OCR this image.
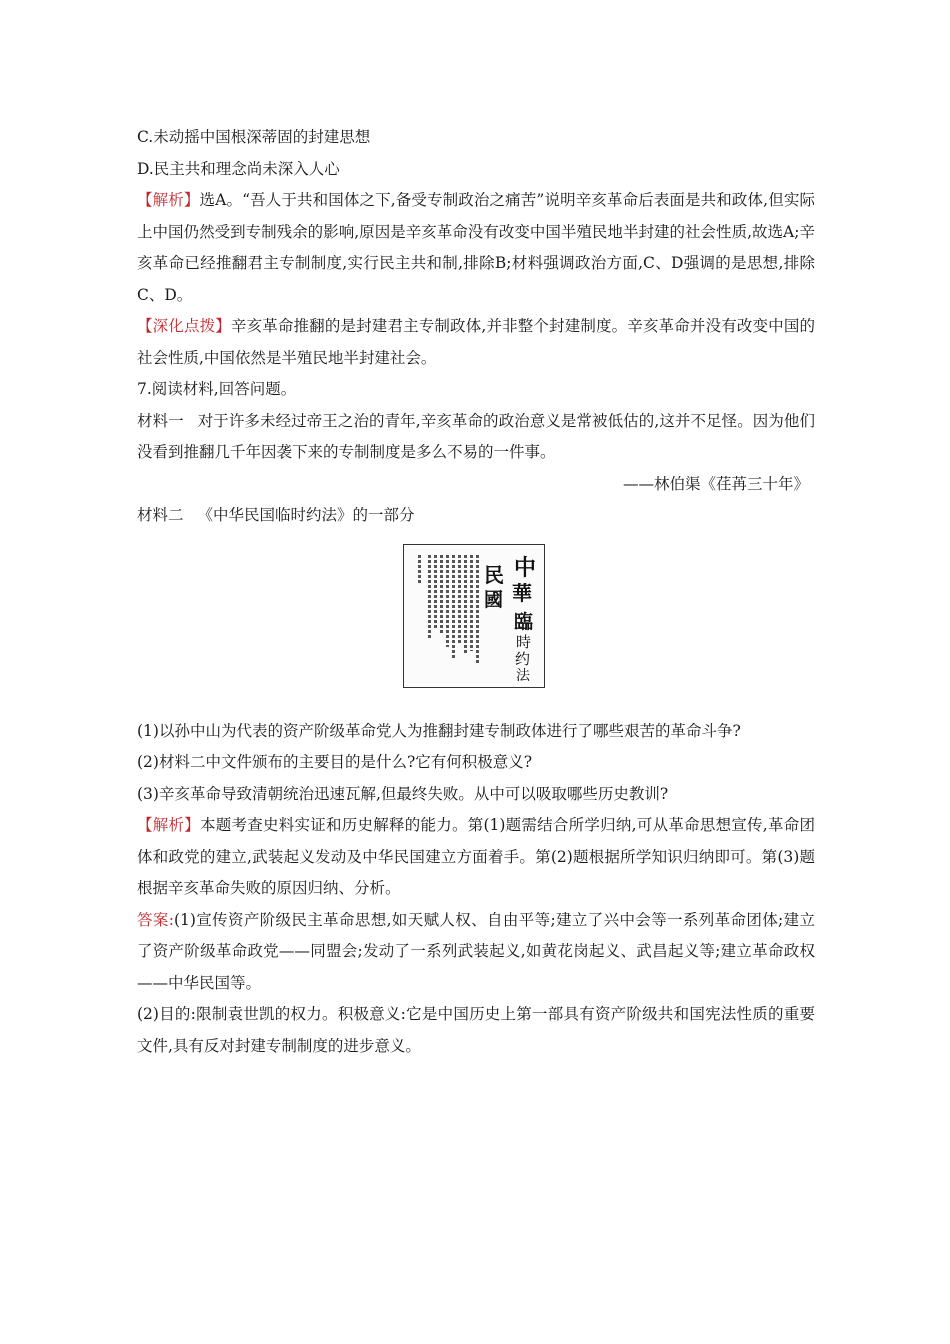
C.未动摇中国根深蒂固的封建思想
D.民主共和理念尚未深入人心
【解析】选A。“吾人于共和国体之下,备受专制政治之痛苦”说明辛亥革命后表面是共和政体,但实际上中国仍然受到专制残余的影响,原因是辛亥革命没有改变中国半殖民地半封建的社会性质,故选A;辛亥革命已经推翻君主专制制度,实行民主共和制,排除B;材料强调政治方面,C、D强调的是思想,排除C、D。
【深化点拨】辛亥革命推翻的是封建君主专制政体,并非整个封建制度。辛亥革命并没有改变中国的社会性质,中国依然是半殖民地半封建社会。
7.阅读材料,回答问题。
材料一 对于许多未经过帝王之治的青年,辛亥革命的政治意义是常被低估的,这并不足怪。因为他们没看到推翻几千年因袭下来的专制制度是多么不易的一件事。
——林伯渠《荏苒三十年》
材料二 《中华民国临时约法》的一部分
中
華
民
國
臨
時
约
法
(1)以孙中山为代表的资产阶级革命党人为推翻封建专制政体进行了哪些艰苦的革命斗争?
(2)材料二中文件颁布的主要目的是什么?它有何积极意义?
(3)辛亥革命导致清朝统治迅速瓦解,但最终失败。从中可以吸取哪些历史教训?
【解析】本题考查史料实证和历史解释的能力。第(1)题需结合所学归纳,可从革命思想宣传,革命团体和政党的建立,武装起义发动及中华民国建立方面着手。第(2)题根据所学知识归纳即可。第(3)题根据辛亥革命失败的原因归纳、分析。
答案:(1)宣传资产阶级民主革命思想,如天赋人权、自由平等;建立了兴中会等一系列革命团体;建立了资产阶级革命政党——同盟会;发动了一系列武装起义,如黄花岗起义、武昌起义等;建立革命政权——中华民国等。
(2)目的:限制袁世凯的权力。积极意义:它是中国历史上第一部具有资产阶级共和国宪法性质的重要文件,具有反对封建专制制度的进步意义。
